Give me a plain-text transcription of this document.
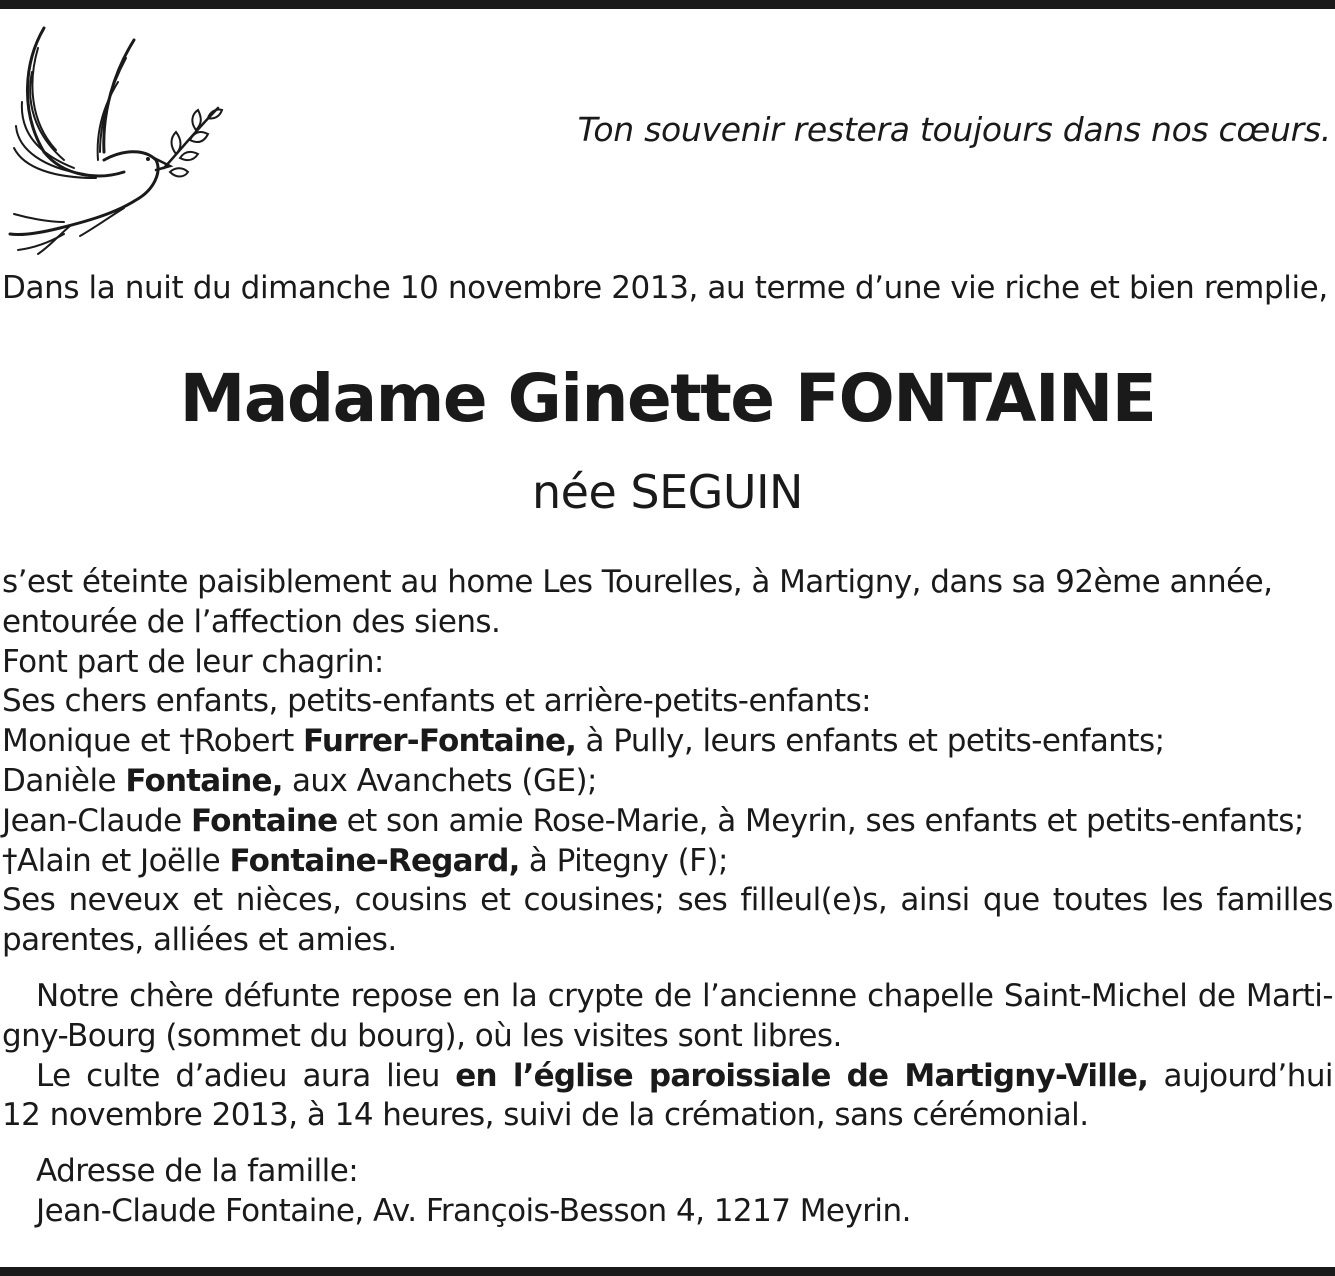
Ton souvenir restera toujours dans nos cœurs.

Dans la nuit du dimanche 10 novembre 2013, au terme d’une vie riche et bien remplie,

Madame Ginette FONTAINE

née SEGUIN

s’est éteinte paisiblement au home Les Tourelles, à Martigny, dans sa 92ème année,
entourée de l’affection des siens.
Font part de leur chagrin:
Ses chers enfants, petits-enfants et arrière-petits-enfants:
Monique et †Robert Furrer-Fontaine, à Pully, leurs enfants et petits-enfants;
Danièle Fontaine, aux Avanchets (GE);
Jean-Claude Fontaine et son amie Rose-Marie, à Meyrin, ses enfants et petits-enfants;
†Alain et Joëlle Fontaine-Regard, à Pitegny (F);
Ses neveux et nièces, cousins et cousines; ses filleul(e)s, ainsi que toutes les familles
parentes, alliées et amies.
Notre chère défunte repose en la crypte de l’ancienne chapelle Saint-Michel de Marti-
gny-Bourg (sommet du bourg), où les visites sont libres.
Le culte d’adieu aura lieu en l’église paroissiale de Martigny-Ville, aujourd’hui
12 novembre 2013, à 14 heures, suivi de la crémation, sans cérémonial.
Adresse de la famille:
Jean-Claude Fontaine, Av. François-Besson 4, 1217 Meyrin.
